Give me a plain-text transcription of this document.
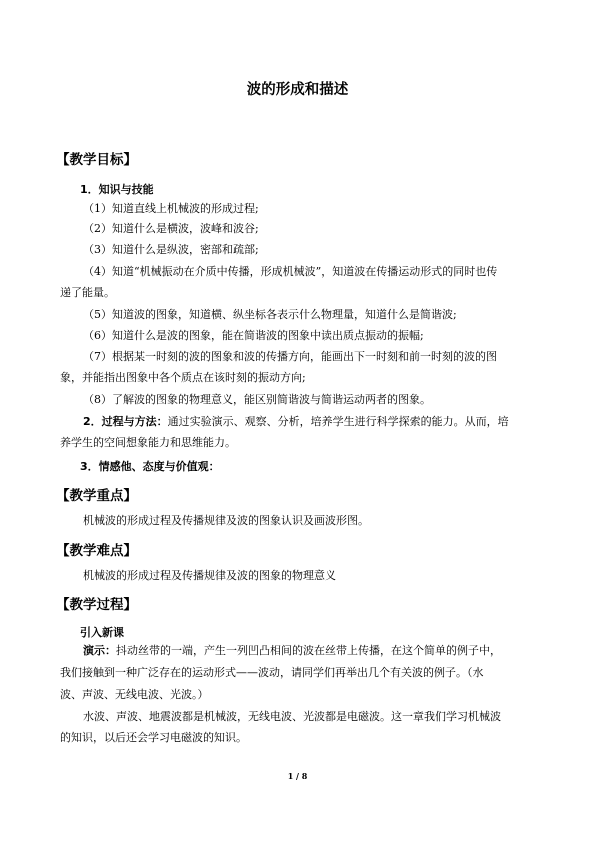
波的形成和描述
【教学目标】
1．知识与技能
（1）知道直线上机械波的形成过程;
（2）知道什么是横波，波峰和波谷;
（3）知道什么是纵波，密部和疏部;
（4）知道“机械振动在介质中传播，形成机械波”，知道波在传播运动形式的同时也传
递了能量。
（5）知道波的图象，知道横、纵坐标各表示什么物理量，知道什么是简谐波;
（6）知道什么是波的图象，能在简谐波的图象中读出质点振动的振幅;
（7）根据某一时刻的波的图象和波的传播方向，能画出下一时刻和前一时刻的波的图
象，并能指出图象中各个质点在该时刻的振动方向;
（8）了解波的图象的物理意义，能区别简谐波与简谐运动两者的图象。
2．过程与方法：通过实验演示、观察、分析，培养学生进行科学探索的能力。从而，培
养学生的空间想象能力和思维能力。
3．情感他、态度与价值观：
【教学重点】
机械波的形成过程及传播规律及波的图象认识及画波形图。
【教学难点】
机械波的形成过程及传播规律及波的图象的物理意义
【教学过程】
引入新课
演示：抖动丝带的一端，产生一列凹凸相间的波在丝带上传播，在这个简单的例子中，
我们接触到一种广泛存在的运动形式——波动，请同学们再举出几个有关波的例子。（水
波、声波、无线电波、光波。）
水波、声波、地震波都是机械波，无线电波、光波都是电磁波。这一章我们学习机械波
的知识，以后还会学习电磁波的知识。
1 / 8
